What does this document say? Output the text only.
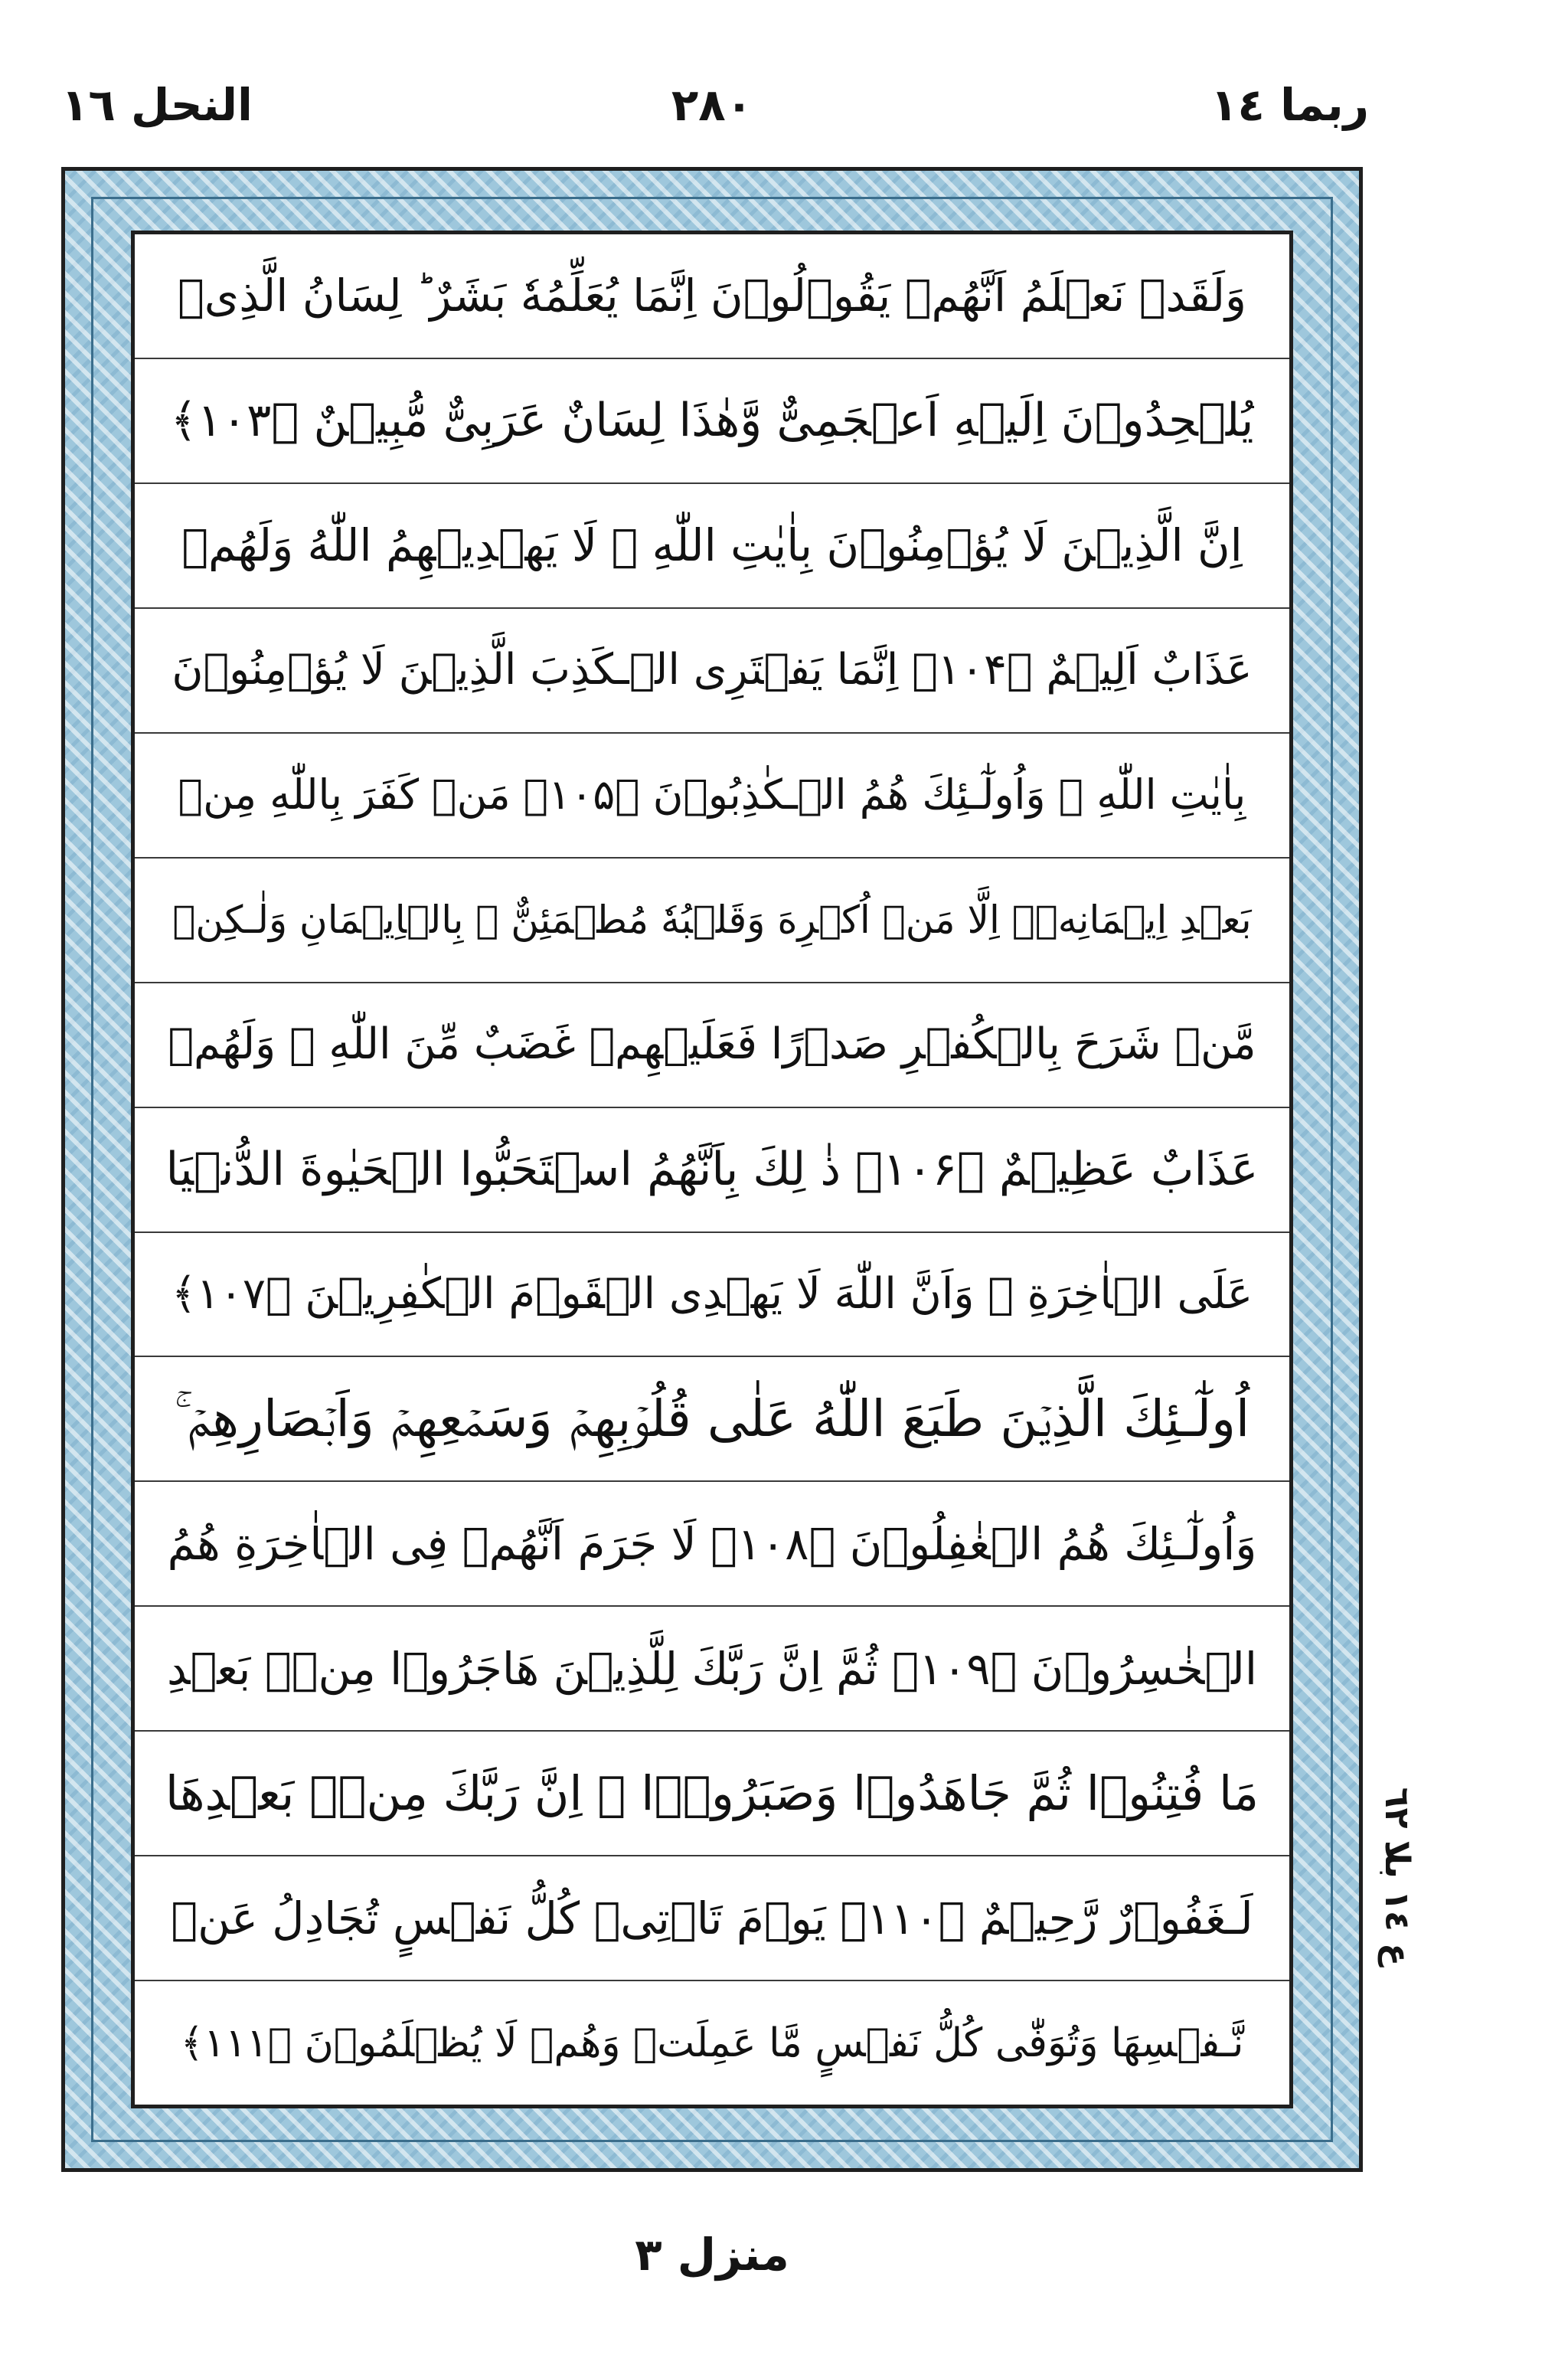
ربما ١٤
٢٨٠
النحل ١٦
وَلَقَدۡ نَعۡلَمُ اَنَّهُمۡ يَقُوۡلُوۡنَ اِنَّمَا يُعَلِّمُهٗ بَشَرٌ‌ ؕ لِسَانُ الَّذِىۡ
يُلۡحِدُوۡنَ اِلَيۡهِ اَعۡجَمِىٌّ وَّهٰذَا لِسَانٌ عَرَبِىٌّ مُّبِيۡنٌ ﴿۱۰۳﴾
اِنَّ الَّذِيۡنَ لَا يُؤۡمِنُوۡنَ بِاٰيٰتِ اللّٰهِ‌ ۙ لَا يَهۡدِيۡهِمُ اللّٰهُ وَلَهُمۡ
عَذَابٌ اَلِيۡمٌ ﴿۱۰۴﴾ اِنَّمَا يَفۡتَرِى الۡـكَذِبَ الَّذِيۡنَ لَا يُؤۡمِنُوۡنَ
بِاٰيٰتِ اللّٰهِ‌ ۚ وَاُولٰٓـئِكَ هُمُ الۡـكٰذِبُوۡنَ ﴿۱۰۵﴾ مَنۡ كَفَرَ بِاللّٰهِ مِنۡ
بَعۡدِ اِيۡمَانِهٖۤ اِلَّا مَنۡ اُكۡرِهَ وَقَلۡبُهٗ مُطۡمَئِنٌّ ۢ بِالۡاِيۡمَانِ وَلٰـكِنۡ
مَّنۡ شَرَحَ بِالۡكُفۡرِ صَدۡرًا فَعَلَيۡهِمۡ غَضَبٌ مِّنَ اللّٰهِ‌ ۚ وَلَهُمۡ
عَذَابٌ عَظِيۡمٌ ﴿۱۰۶﴾ ذٰ لِكَ بِاَنَّهُمُ اسۡتَحَبُّوا الۡحَيٰوةَ الدُّنۡيَا
عَلَى الۡاٰخِرَةِ ۙ وَاَنَّ اللّٰهَ لَا يَهۡدِى الۡقَوۡمَ الۡكٰفِرِيۡنَ ﴿۱۰۷﴾
اُولٰٓـئِكَ الَّذِيۡنَ طَبَعَ اللّٰهُ عَلٰى قُلُوۡبِهِمۡ وَسَمۡعِهِمۡ وَاَبۡصَارِهِمۡ‌ ۚ
وَاُولٰٓـئِكَ هُمُ الۡغٰفِلُوۡنَ ﴿۱۰۸﴾ لَا جَرَمَ اَنَّهُمۡ فِى الۡاٰخِرَةِ هُمُ
الۡخٰسِرُوۡنَ ﴿۱۰۹﴾ ثُمَّ اِنَّ رَبَّكَ لِلَّذِيۡنَ هَاجَرُوۡا مِنۡۢ بَعۡدِ
مَا فُتِنُوۡا ثُمَّ جَاهَدُوۡا وَصَبَرُوۡۤا ۙ اِنَّ رَبَّكَ مِنۡۢ بَعۡدِهَا
لَـغَفُوۡرٌ رَّحِيۡمٌ ﴿۱۱۰﴾ يَوۡمَ تَاۡتِىۡ كُلُّ نَفۡسٍ تُجَادِلُ عَنۡ
نَّـفۡسِهَا وَتُوَفّٰى كُلُّ نَفۡسٍ مَّا عَمِلَتۡ وَهُمۡ لَا يُظۡلَمُوۡنَ ﴿۱۱۱﴾
ع ١٤ بلا ٦٢
منزل ٣
